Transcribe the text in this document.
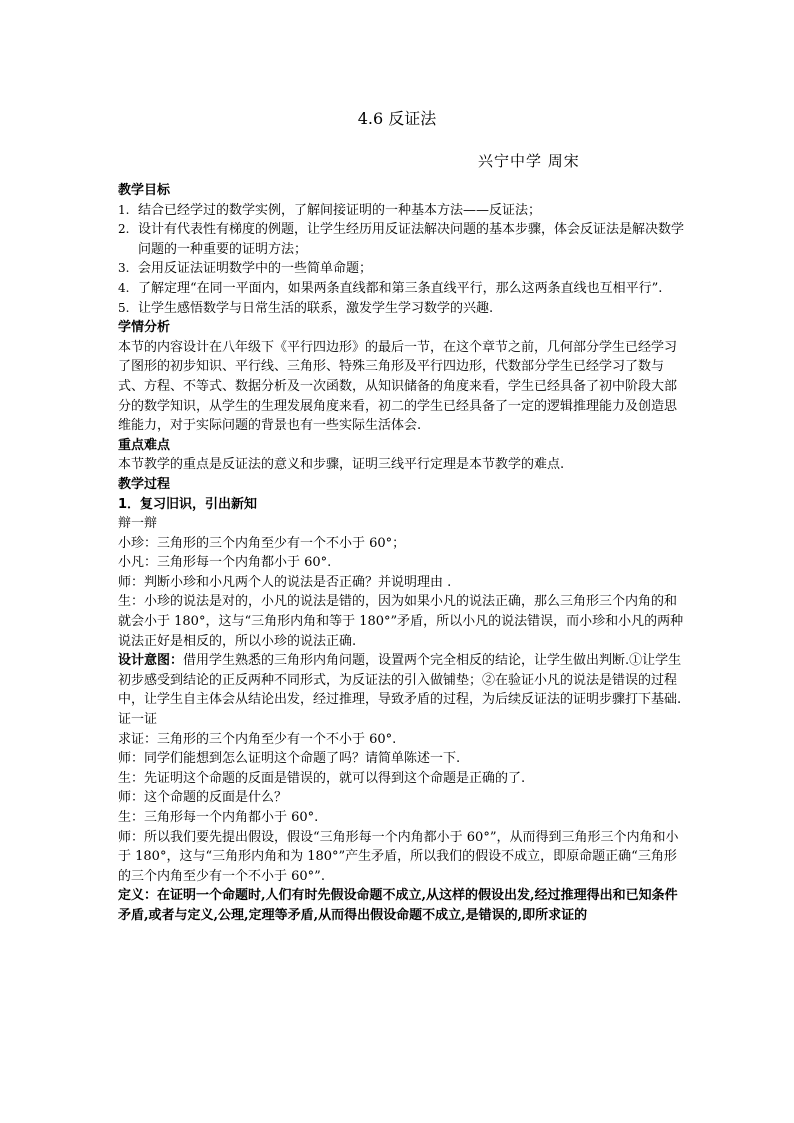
4.6 反证法
兴宁中学 周宋
教学目标
1. 结合已经学过的数学实例，了解间接证明的一种基本方法——反证法；
2. 设计有代表性有梯度的例题，让学生经历用反证法解决问题的基本步骤，体会反证法是解决数学问题的一种重要的证明方法；
3. 会用反证法证明数学中的一些简单命题；
4. 了解定理“在同一平面内，如果两条直线都和第三条直线平行，那么这两条直线也互相平行”.
5. 让学生感悟数学与日常生活的联系，激发学生学习数学的兴趣.
学情分析
本节的内容设计在八年级下《平行四边形》的最后一节，在这个章节之前，几何部分学生已经学习了图形的初步知识、平行线、三角形、特殊三角形及平行四边形，代数部分学生已经学习了数与式、方程、不等式、数据分析及一次函数，从知识储备的角度来看，学生已经具备了初中阶段大部分的数学知识，从学生的生理发展角度来看，初二的学生已经具备了一定的逻辑推理能力及创造思维能力，对于实际问题的背景也有一些实际生活体会.
重点难点
本节教学的重点是反证法的意义和步骤，证明三线平行定理是本节教学的难点.
教学过程
1．复习旧识，引出新知
辩一辩
小珍：三角形的三个内角至少有一个不小于 60°；
小凡：三角形每一个内角都小于 60°.
师：判断小珍和小凡两个人的说法是否正确？并说明理由 .
生：小珍的说法是对的，小凡的说法是错的，因为如果小凡的说法正确，那么三角形三个内角的和就会小于 180°，这与“三角形内角和等于 180°”矛盾，所以小凡的说法错误，而小珍和小凡的两种说法正好是相反的，所以小珍的说法正确.
设计意图：借用学生熟悉的三角形内角问题，设置两个完全相反的结论，让学生做出判断.①让学生初步感受到结论的正反两种不同形式，为反证法的引入做铺垫；②在验证小凡的说法是错误的过程中，让学生自主体会从结论出发，经过推理，导致矛盾的过程，为后续反证法的证明步骤打下基础.
证一证
求证：三角形的三个内角至少有一个不小于 60°.
师：同学们能想到怎么证明这个命题了吗？请简单陈述一下.
生：先证明这个命题的反面是错误的，就可以得到这个命题是正确的了.
师：这个命题的反面是什么？
生：三角形每一个内角都小于 60°.
师：所以我们要先提出假设，假设“三角形每一个内角都小于 60°”，从而得到三角形三个内角和小于 180°，这与“三角形内角和为 180°”产生矛盾，所以我们的假设不成立，即原命题正确“三角形的三个内角至少有一个不小于 60°”.
定义：在证明一个命题时,人们有时先假设命题不成立,从这样的假设出发,经过推理得出和已知条件矛盾,或者与定义,公理,定理等矛盾,从而得出假设命题不成立,是错误的,即所求证的
